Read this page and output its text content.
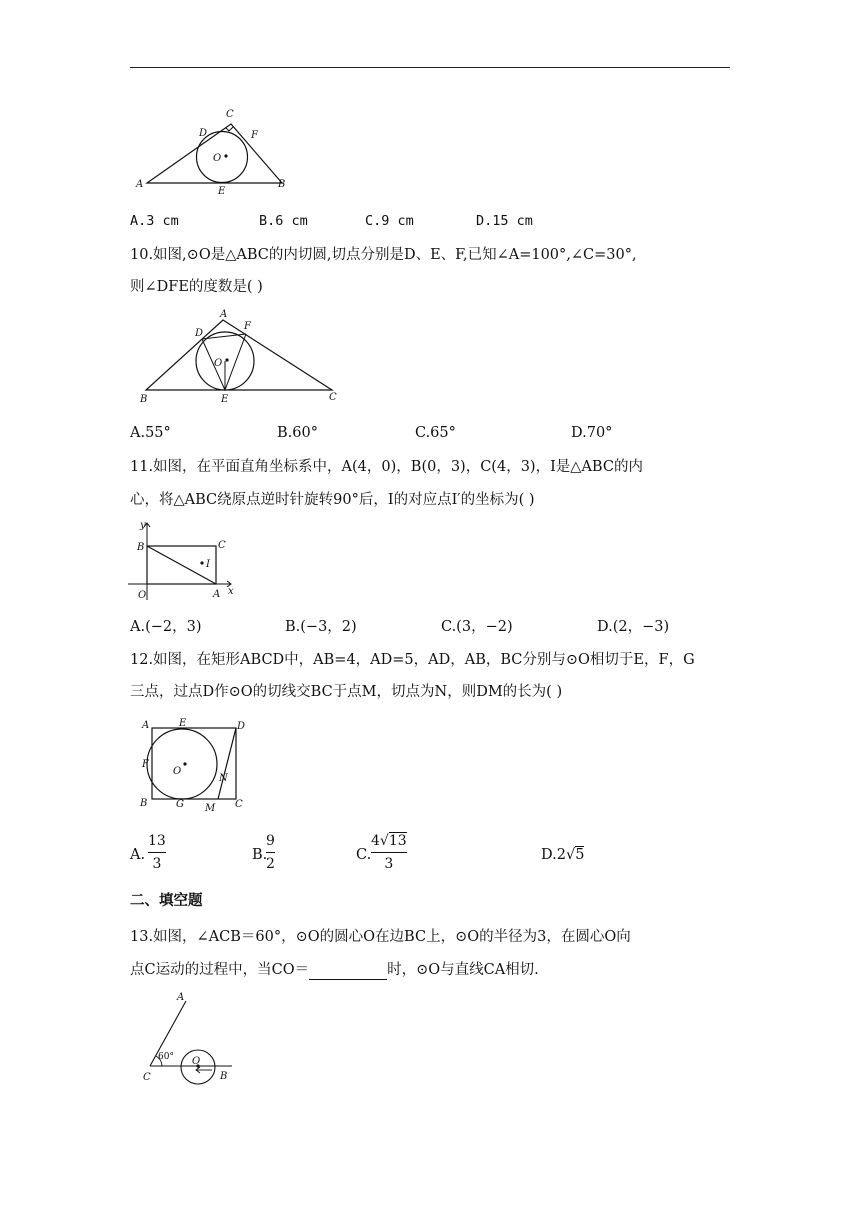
A	B
C
D
E
F
O
A.3 cm	B.6 cm	C.9 cm	D.15 cm
10.如图,⊙O是△ABC的内切圆,切点分别是D、E、F,已知∠A=100°,∠C=30°,
则∠DFE的度数是( )
A
B	C
D
E
F
O
A.55°	B.60°	C.65°	D.70°
11.如图，在平面直角坐标系中，A(4，0)，B(0，3)，C(4，3)，I是△ABC的内
心，将△ABC绕原点逆时针旋转90°后，I的对应点I′的坐标为( )
y
x
O	A
B	C
I
A.(−2，3)	B.(−3，2)	C.(3，−2)	D.(2，−3)
12.如图，在矩形ABCD中，AB=4，AD=5，AD，AB，BC分别与⊙O相切于E，F，G
三点，过点D作⊙O的切线交BC于点M，切点为N，则DM的长为( )
A	E	D
F
O
N
B	G M C
A.
13
3
B.
9
2
C.
4√13
3
D.2√5
二、填空题
13.如图，∠ACB＝60°，⊙O的圆心O在边BC上，⊙O的半径为3，在圆心O向
点C运动的过程中，当CO＝	时，⊙O与直线CA相切.
A
C	B
O
60°
